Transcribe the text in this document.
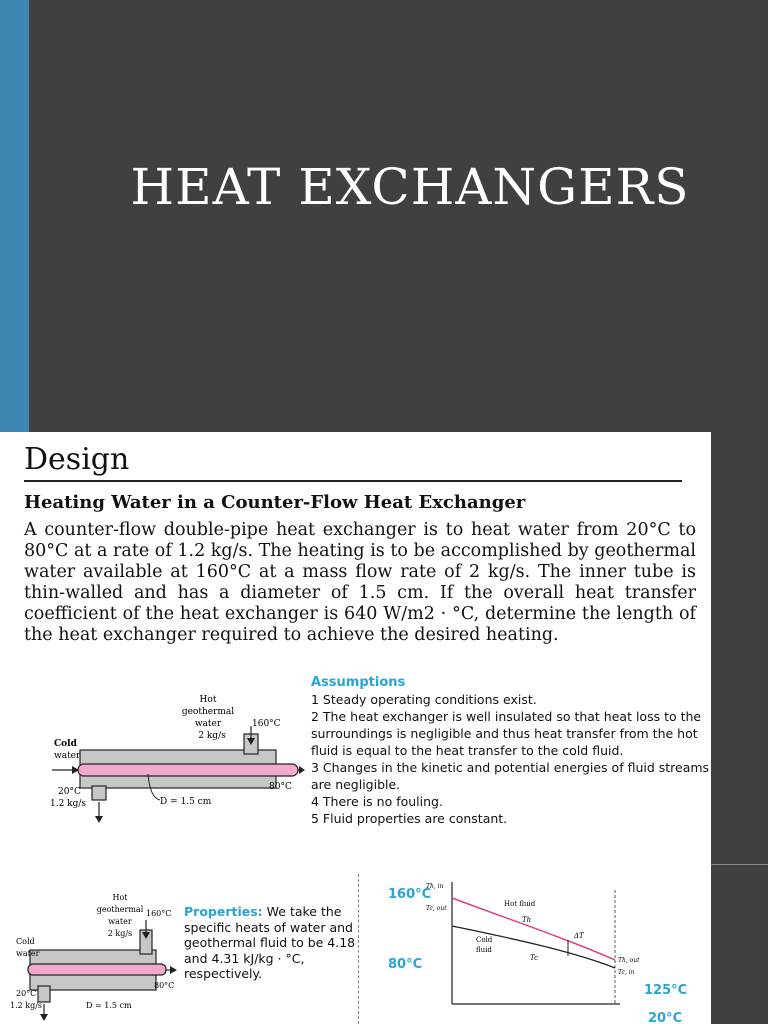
HEAT EXCHANGERS
Design
Heating Water in a Counter-Flow Heat Exchanger
A counter-flow double-pipe heat exchanger is to heat water from 20°C to 80°C at a rate of 1.2 kg/s. The heating is to be accomplished by geothermal water available at 160°C at a mass flow rate of 2 kg/s. The inner tube is thin-walled and has a diameter of 1.5 cm. If the overall heat transfer coefficient of the heat exchanger is 640 W/m2 · °C, determine the length of the heat exchanger required to achieve the desired heating.
Hot
geothermal
water
2 kg/s
160°C
Cold
water
20°C
1.2 kg/s
80°C
D = 1.5 cm
Assumptions
1 Steady operating conditions exist.
2 The heat exchanger is well insulated so that heat loss to the surroundings is negligible and thus heat transfer from the hot fluid is equal to the heat transfer to the cold fluid.
3 Changes in the kinetic and potential energies of fluid streams are negligible.
4 There is no fouling.
5 Fluid properties are constant.
Hot
geothermal
water
2 kg/s
160°C
Cold
water
20°C
1.2 kg/s
80°C
D = 1.5 cm
Properties: We take the specific heats of water and geothermal fluid to be 4.18 and 4.31 kJ/kg · °C, respectively.
160°C
80°C
125°C
20°C
Th, in
Tc, out
Hot fluid
Th
Cold
fluid
Tc
ΔT
Th, out
Tc, in
